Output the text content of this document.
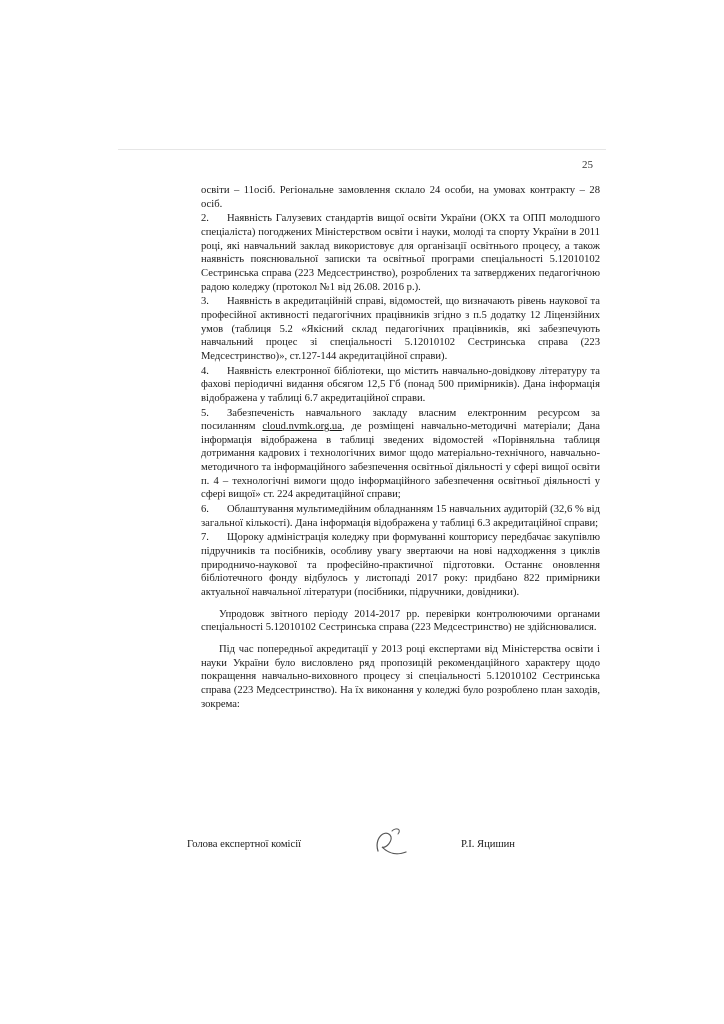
25

освіти – 11осіб. Регіональне замовлення склало 24 особи, на умовах контракту – 28 осіб.

2. Наявність Галузевих стандартів вищої освіти України (ОКХ та ОПП молодшого спеціаліста) погоджених Міністерством освіти і науки, молоді та спорту України в 2011 році, які навчальний заклад використовує для організації освітнього процесу, а також наявність пояснювальної записки та освітньої програми спеціальності 5.12010102 Сестринська справа (223 Медсестринство), розроблених та затверджених педагогічною радою коледжу (протокол №1 від 26.08. 2016 р.).

3. Наявність в акредитаційній справі, відомостей, що визначають рівень наукової та професійної активності педагогічних працівників згідно з п.5 додатку 12 Ліцензійних умов (таблиця 5.2 «Якісний склад педагогічних працівників, які забезпечують навчальний процес зі спеціальності 5.12010102 Сестринська справа (223 Медсестринство)», ст.127-144 акредитаційної справи).

4. Наявність електронної бібліотеки, що містить навчально-довідкову літературу та фахові періодичні видання обсягом 12,5 Гб (понад 500 примірників). Дана інформація відображена у таблиці 6.7 акредитаційної справи.

5. Забезпеченість навчального закладу власним електронним ресурсом за посиланням cloud.nvmk.org.ua, де розміщені навчально-методичні матеріали; Дана інформація відображена в таблиці зведених відомостей «Порівняльна таблиця дотримання кадрових і технологічних вимог щодо матеріально-технічного, навчально-методичного та інформаційного забезпечення освітньої діяльності у сфері вищої освіти п. 4 – технологічні вимоги щодо інформаційного забезпечення освітньої діяльності у сфері вищої» ст. 224 акредитаційної справи;

6. Облаштування мультимедійним обладнанням 15 навчальних аудиторій (32,6 % від загальної кількості). Дана інформація відображена у таблиці 6.3 акредитаційної справи;

7. Щороку адміністрація коледжу при формуванні кошторису передбачає закупівлю підручників та посібників, особливу увагу звертаючи на нові надходження з циклів природничо-наукової та професійно-практичної підготовки. Останнє оновлення бібліотечного фонду відбулось у листопаді 2017 року: придбано 822 примірники актуальної навчальної літератури (посібники, підручники, довідники).

Упродовж звітного періоду 2014-2017 рр. перевірки контролюючими органами спеціальності 5.12010102 Сестринська справа (223 Медсестринство) не здійснювалися.

Під час попередньої акредитації у 2013 році експертами від Міністерства освіти і науки України було висловлено ряд пропозицій рекомендаційного характеру щодо покращення навчально-виховного процесу зі спеціальності 5.12010102 Сестринська справа (223 Медсестринство). На їх виконання у коледжі було розроблено план заходів, зокрема:

Голова експертної комісії	Р.І. Яцишин
